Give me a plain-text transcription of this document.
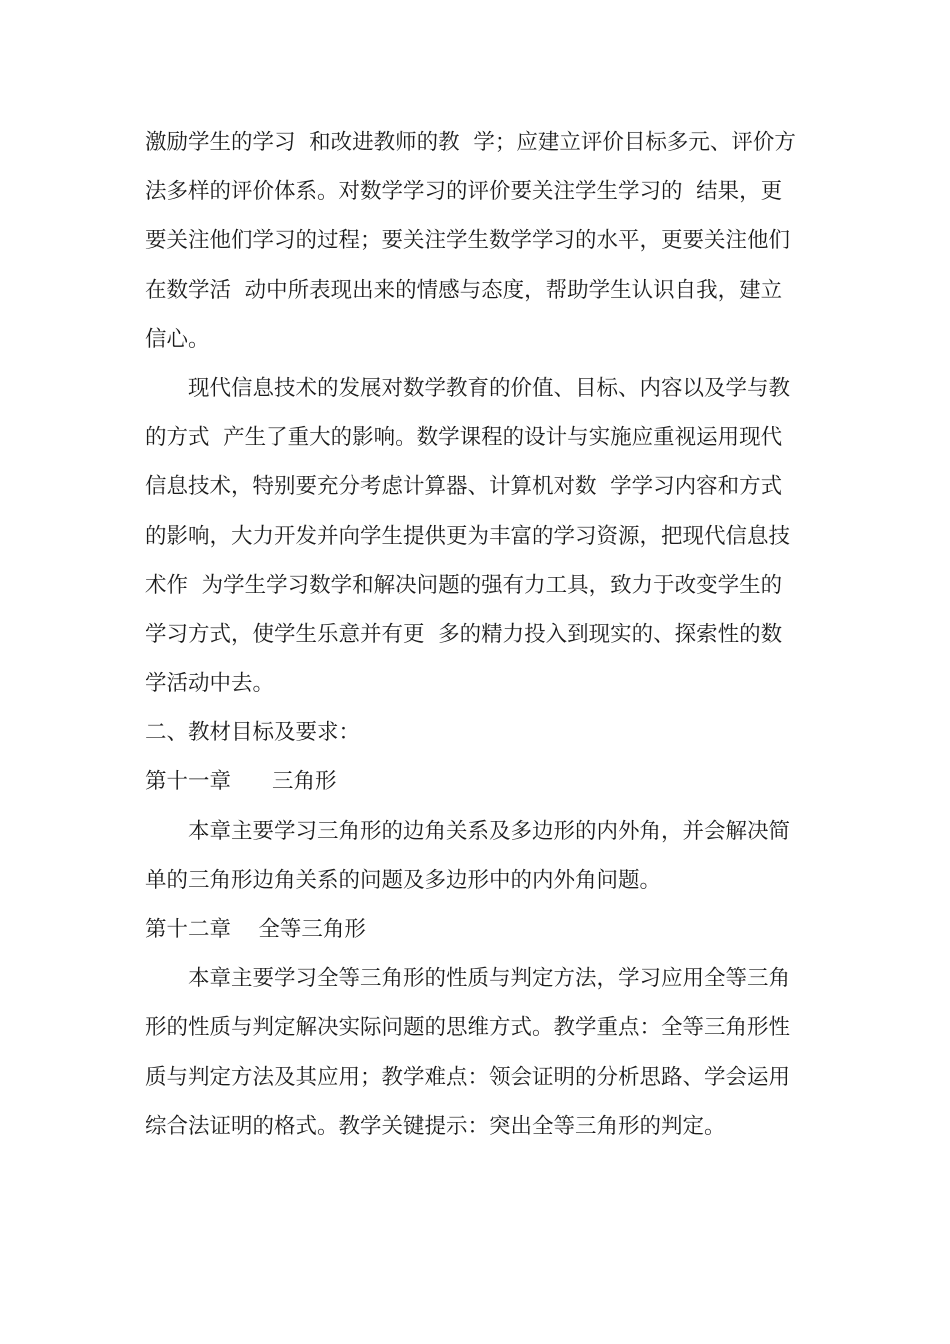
激励学生的学习  和改进教师的教  学；应建立评价目标多元、评价方
法多样的评价体系。对数学学习的评价要关注学生学习的  结果，更
要关注他们学习的过程；要关注学生数学学习的水平，更要关注他们
在数学活  动中所表现出来的情感与态度，帮助学生认识自我，建立
信心。
现代信息技术的发展对数学教育的价值、目标、内容以及学与教
的方式  产生了重大的影响。数学课程的设计与实施应重视运用现代
信息技术，特别要充分考虑计算器、计算机对数  学学习内容和方式
的影响，大力开发并向学生提供更为丰富的学习资源，把现代信息技
术作  为学生学习数学和解决问题的强有力工具，致力于改变学生的
学习方式，使学生乐意并有更  多的精力投入到现实的、探索性的数
学活动中去。
二、教材目标及要求：
第十一章      三角形
本章主要学习三角形的边角关系及多边形的内外角，并会解决简
单的三角形边角关系的问题及多边形中的内外角问题。
第十二章    全等三角形
本章主要学习全等三角形的性质与判定方法，学习应用全等三角
形的性质与判定解决实际问题的思维方式。教学重点：全等三角形性
质与判定方法及其应用；教学难点：领会证明的分析思路、学会运用
综合法证明的格式。教学关键提示：突出全等三角形的判定。
